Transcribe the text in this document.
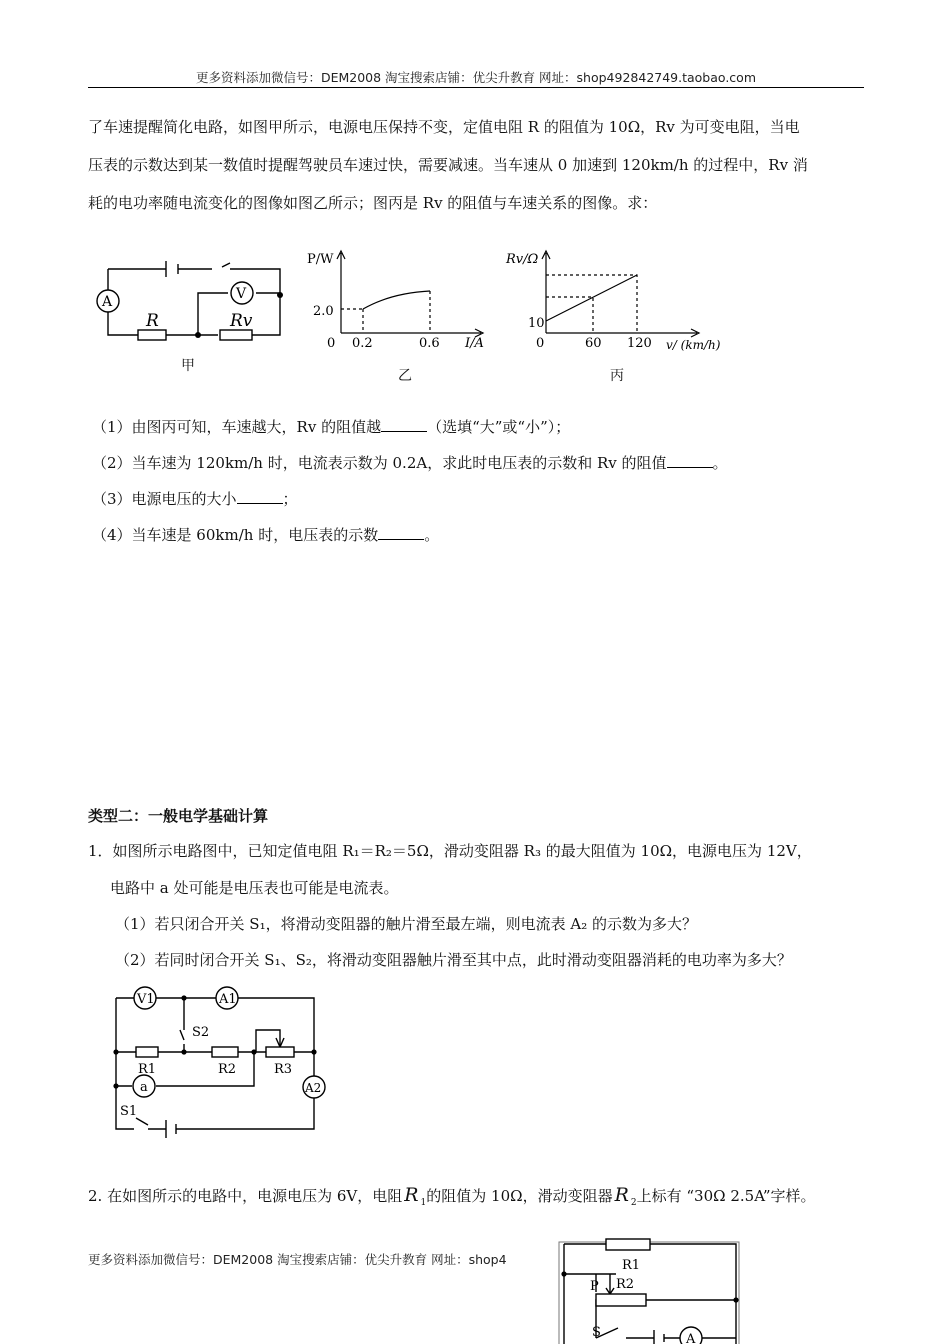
更多资料添加微信号：DEM2008 淘宝搜索店铺：优尖升教育 网址：shop492842749.taobao.com
了车速提醒简化电路，如图甲所示，电源电压保持不变，定值电阻 R 的阻值为 10Ω，Rv 为可变电阻，当电
压表的示数达到某一数值时提醒驾驶员车速过快，需要减速。当车速从 0 加速到 120km/h 的过程中，Rv 消
耗的电功率随电流变化的图像如图乙所示；图丙是 Rv 的阻值与车速关系的图像。求：
A	V
R	Rv
甲
P/W
2.0
0 0.2	0.6 I/A
乙
Rv/Ω
10
0	60 120 v/ (km/h)
丙
（1）由图丙可知，车速越大，Rv 的阻值越	（选填“大”或“小”）；
（2）当车速为 120km/h 时，电流表示数为 0.2A，求此时电压表的示数和 Rv 的阻值	。
（3）电源电压的大小	；
（4）当车速是 60km/h 时，电压表的示数	。
类型二：一般电学基础计算
1．如图所示电路图中，已知定值电阻 R₁＝R₂＝5Ω，滑动变阻器 R₃ 的最大阻值为 10Ω，电源电压为 12V，
电路中 a 处可能是电压表也可能是电流表。
（1）若只闭合开关 S₁，将滑动变阻器的触片滑至最左端，则电流表 A₂ 的示数为多大？
（2）若同时闭合开关 S₁、S₂，将滑动变阻器触片滑至其中点，此时滑动变阻器消耗的电功率为多大？
V1	A1
S2
R1	R2	R3
a	A2
S1
2. 在如图所示的电路中，电源电压为 6V，电阻 R $_1$的阻值为 10Ω，滑动变阻器 R $_2$上标有 “30Ω 2.5A”字样。
更多资料添加微信号：DEM2008 淘宝搜索店铺：优尖升教育 网址：shop4	R1
R2
P
S	A
